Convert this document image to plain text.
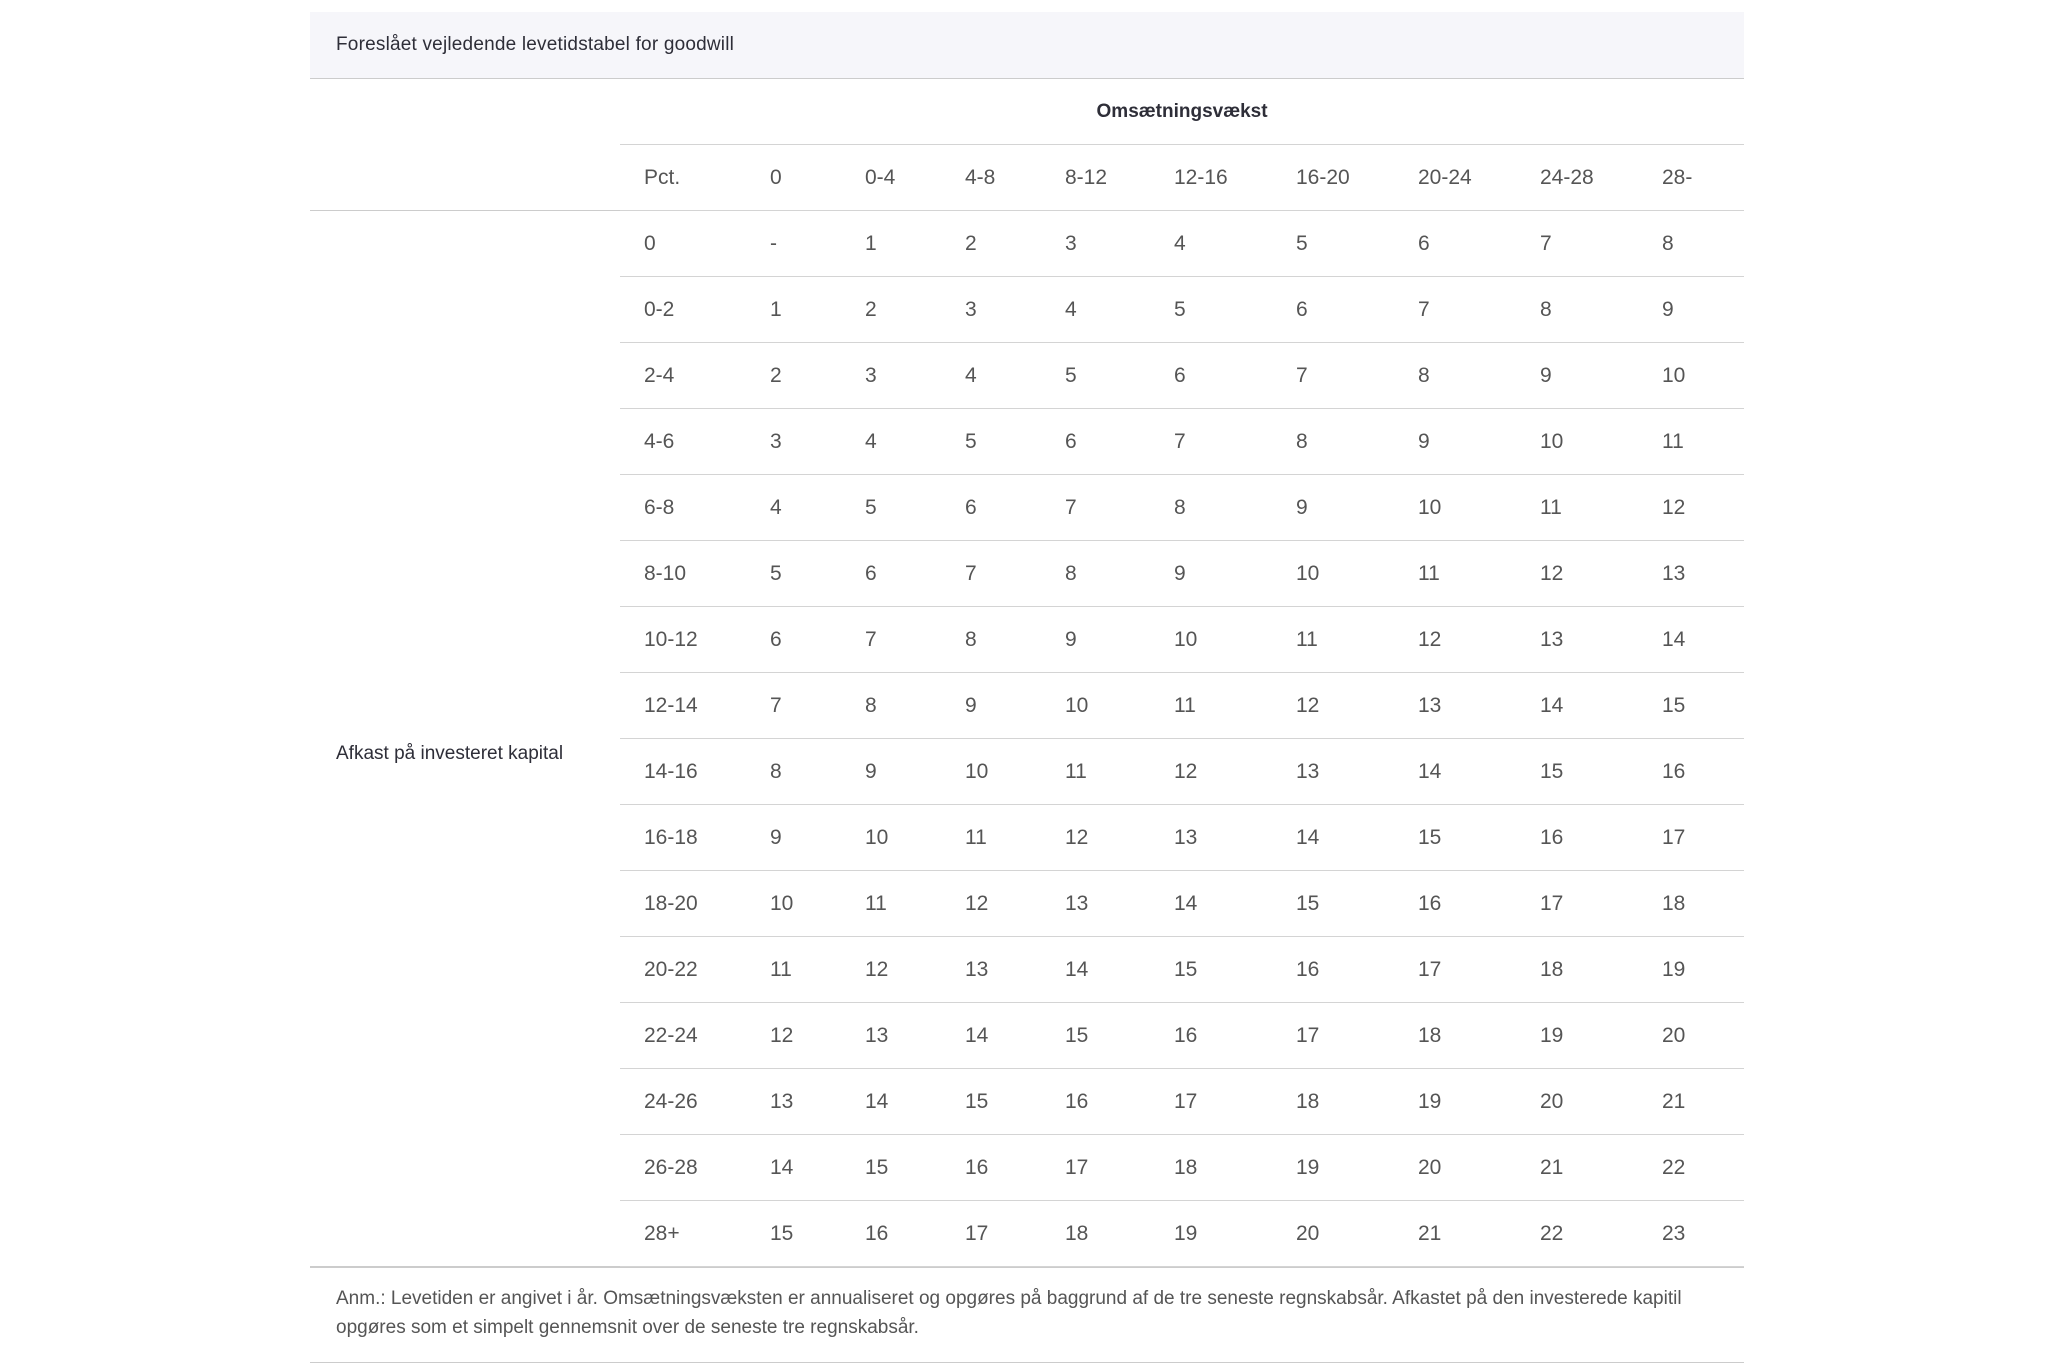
Foreslået vejledende levetidstabel for goodwill
	Omsætningsvækst									
	Pct.	0	0-4	4-8	8-12	12-16	16-20	20-24	24-28	28-
Afkast på investeret kapital	0	-	1	2	3	4	5	6	7	8
	0-2	1	2	3	4	5	6	7	8	9
	2-4	2	3	4	5	6	7	8	9	10
	4-6	3	4	5	6	7	8	9	10	11
	6-8	4	5	6	7	8	9	10	11	12
	8-10	5	6	7	8	9	10	11	12	13
	10-12	6	7	8	9	10	11	12	13	14
	12-14	7	8	9	10	11	12	13	14	15
	14-16	8	9	10	11	12	13	14	15	16
	16-18	9	10	11	12	13	14	15	16	17
	18-20	10	11	12	13	14	15	16	17	18
	20-22	11	12	13	14	15	16	17	18	19
	22-24	12	13	14	15	16	17	18	19	20
	24-26	13	14	15	16	17	18	19	20	21
	26-28	14	15	16	17	18	19	20	21	22
	28+	15	16	17	18	19	20	21	22	23
Anm.: Levetiden er angivet i år. Omsætningsvæksten er annualiseret og opgøres på baggrund af de tre seneste regnskabsår. Afkastet på den investerede kapitil opgøres som et simpelt gennemsnit over de seneste tre regnskabsår.
